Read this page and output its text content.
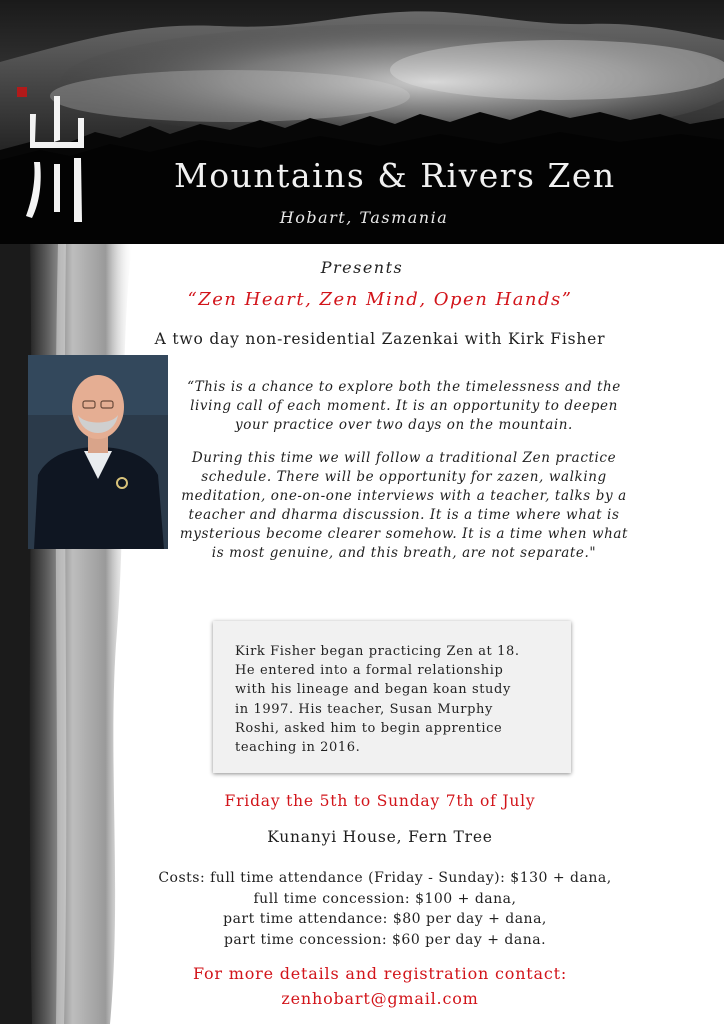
Mountains & Rivers Zen
Hobart, Tasmania
Presents
“Zen Heart, Zen Mind, Open Hands”
A two day non-residential Zazenkai with Kirk Fisher

“This is a chance to explore both the timelessness and the living call of each moment. It is an opportunity to deepen your practice over two days on the mountain.

During this time we will follow a traditional Zen practice schedule. There will be opportunity for zazen, walking meditation, one-on-one interviews with a teacher, talks by a teacher and dharma discussion. It is a time where what is mysterious become clearer somehow. It is a time when what is most genuine, and this breath, are not separate."

Kirk Fisher began practicing Zen at 18.
He entered into a formal relationship
with his lineage and began koan study
in 1997. His teacher, Susan Murphy
Roshi, asked him to begin apprentice
teaching in 2016.
Friday the 5th to Sunday 7th of July
Kunanyi House, Fern Tree
Costs: full time attendance (Friday - Sunday): $130 + dana,
full time concession: $100 + dana,
part time attendance: $80 per day + dana,
part time concession: $60 per day + dana.
For more details and registration contact:
zenhobart@gmail.com
